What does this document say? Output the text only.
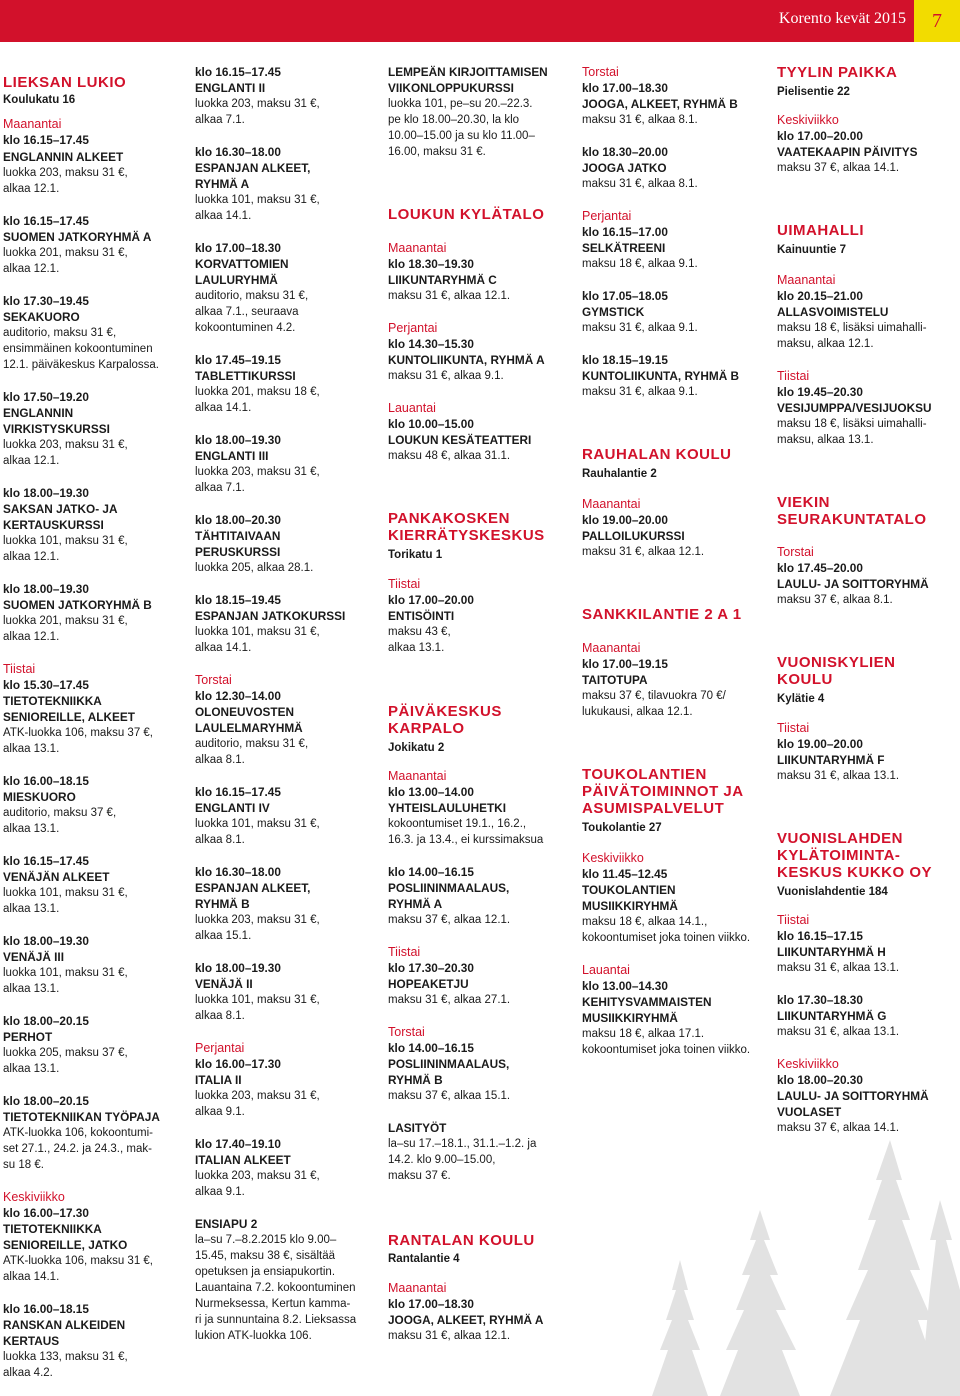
Korento kevät 2015	7
LIEKSAN LUKIO
Koulukatu 16
Maanantai
klo 16.15–17.45
ENGLANNIN ALKEET
luokka 203, maksu 31 €,
alkaa 12.1.
klo 16.15–17.45
SUOMEN JATKORYHMÄ A
luokka 201, maksu 31 €,
alkaa 12.1.
klo 17.30–19.45
SEKAKUORO
auditorio, maksu 31 €,
ensimmäinen kokoontuminen
12.1. päiväkeskus Karpalossa.
klo 17.50–19.20
ENGLANNIN
VIRKISTYSKURSSI
luokka 203, maksu 31 €,
alkaa 12.1.
klo 18.00–19.30
SAKSAN JATKO- JA
KERTAUSKURSSI
luokka 101, maksu 31 €,
alkaa 12.1.
klo 18.00–19.30
SUOMEN JATKORYHMÄ B
luokka 201, maksu 31 €,
alkaa 12.1.
Tiistai
klo 15.30–17.45
TIETOTEKNIIKKA
SENIOREILLE, ALKEET
ATK-luokka 106, maksu 37 €,
alkaa 13.1.
klo 16.00–18.15
MIESKUORO
auditorio, maksu 37 €,
alkaa 13.1.
klo 16.15–17.45
VENÄJÄN ALKEET
luokka 101, maksu 31 €,
alkaa 13.1.
klo 18.00–19.30
VENÄJÄ III
luokka 101, maksu 31 €,
alkaa 13.1.
klo 18.00–20.15
PERHOT
luokka 205, maksu 37 €,
alkaa 13.1.
klo 18.00–20.15
TIETOTEKNIIKAN TYÖPAJA
ATK-luokka 106, kokoontumi-
set 27.1., 24.2. ja 24.3., mak-
su 18 €.
Keskiviikko
klo 16.00–17.30
TIETOTEKNIIKKA
SENIOREILLE, JATKO
ATK-luokka 106, maksu 31 €,
alkaa 14.1.
klo 16.00–18.15
RANSKAN ALKEIDEN
KERTAUS
luokka 133, maksu 31 €,
alkaa 4.2.
klo 16.15–17.45
ENGLANTI II
luokka 203, maksu 31 €,
alkaa 7.1.
klo 16.30–18.00
ESPANJAN ALKEET,
RYHMÄ A
luokka 101, maksu 31 €,
alkaa 14.1.
klo 17.00–18.30
KORVATTOMIEN
LAULURYHMÄ
auditorio, maksu 31 €,
alkaa 7.1., seuraava
kokoontuminen 4.2.
klo 17.45–19.15
TABLETTIKURSSI
luokka 201, maksu 18 €,
alkaa 14.1.
klo 18.00–19.30
ENGLANTI III
luokka 203, maksu 31 €,
alkaa 7.1.
klo 18.00–20.30
TÄHTITAIVAAN
PERUSKURSSI
luokka 205, alkaa 28.1.
klo 18.15–19.45
ESPANJAN JATKOKURSSI
luokka 101, maksu 31 €,
alkaa 14.1.
Torstai
klo 12.30–14.00
OLONEUVOSTEN
LAULELMARYHMÄ
auditorio, maksu 31 €,
alkaa 8.1.
klo 16.15–17.45
ENGLANTI IV
luokka 101, maksu 31 €,
alkaa 8.1.
klo 16.30–18.00
ESPANJAN ALKEET,
RYHMÄ B
luokka 203, maksu 31 €,
alkaa 15.1.
klo 18.00–19.30
VENÄJÄ II
luokka 101, maksu 31 €,
alkaa 8.1.
Perjantai
klo 16.00–17.30
ITALIA II
luokka 203, maksu 31 €,
alkaa 9.1.
klo 17.40–19.10
ITALIAN ALKEET
luokka 203, maksu 31 €,
alkaa 9.1.
ENSIAPU 2
la–su 7.–8.2.2015 klo 9.00–
15.45, maksu 38 €, sisältää
opetuksen ja ensiapukortin.
Lauantaina 7.2. kokoontuminen
Nurmeksessa, Kertun kamma-
ri ja sunnuntaina 8.2. Lieksassa
lukion ATK-luokka 106.
LEMPEÄN KIRJOITTAMISEN
VIIKONLOPPUKURSSI
luokka 101, pe–su 20.–22.3.
pe klo 18.00–20.30, la klo
10.00–15.00 ja su klo 11.00–
16.00, maksu 31 €.
LOUKUN KYLÄTALO
Maanantai
klo 18.30–19.30
LIIKUNTARYHMÄ C
maksu 31 €, alkaa 12.1.
Perjantai
klo 14.30–15.30
KUNTOLIIKUNTA, RYHMÄ A
maksu 31 €, alkaa 9.1.
Lauantai
klo 10.00–15.00
LOUKUN KESÄTEATTERI
maksu 48 €, alkaa 31.1.
PANKAKOSKEN
KIERRÄTYSKESKUS
Torikatu 1
Tiistai
klo 17.00–20.00
ENTISÖINTI
maksu 43 €,
alkaa 13.1.
PÄIVÄKESKUS
KARPALO
Jokikatu 2
Maanantai
klo 13.00–14.00
YHTEISLAULUHETKI
kokoontumiset 19.1., 16.2.,
16.3. ja 13.4., ei kurssimaksua
klo 14.00–16.15
POSLIININMAALAUS,
RYHMÄ A
maksu 37 €, alkaa 12.1.
Tiistai
klo 17.30–20.30
HOPEAKETJU
maksu 31 €, alkaa 27.1.
Torstai
klo 14.00–16.15
POSLIININMAALAUS,
RYHMÄ B
maksu 37 €, alkaa 15.1.
LASITYÖT
la–su 17.–18.1., 31.1.–1.2. ja
14.2. klo 9.00–15.00,
maksu 37 €.
RANTALAN KOULU
Rantalantie 4
Maanantai
klo 17.00–18.30
JOOGA, ALKEET, RYHMÄ A
maksu 31 €, alkaa 12.1.
Torstai
klo 17.00–18.30
JOOGA, ALKEET, RYHMÄ B
maksu 31 €, alkaa 8.1.
klo 18.30–20.00
JOOGA JATKO
maksu 31 €, alkaa 8.1.
Perjantai
klo 16.15–17.00
SELKÄTREENI
maksu 18 €, alkaa 9.1.
klo 17.05–18.05
GYMSTICK
maksu 31 €, alkaa 9.1.
klo 18.15–19.15
KUNTOLIIKUNTA, RYHMÄ B
maksu 31 €, alkaa 9.1.
RAUHALAN KOULU
Rauhalantie 2
Maanantai
klo 19.00–20.00
PALLOILUKURSSI
maksu 31 €, alkaa 12.1.
SANKKILANTIE 2 A 1
Maanantai
klo 17.00–19.15
TAITOTUPA
maksu 37 €, tilavuokra 70 €/
lukukausi, alkaa 12.1.
TOUKOLANTIEN
PÄIVÄTOIMINNOT JA
ASUMISPALVELUT
Toukolantie 27
Keskiviikko
klo 11.45–12.45
TOUKOLANTIEN
MUSIIKKIRYHMÄ
maksu 18 €, alkaa 14.1.,
kokoontumiset joka toinen viikko.
Lauantai
klo 13.00–14.30
KEHITYSVAMMAISTEN
MUSIIKKIRYHMÄ
maksu 18 €, alkaa 17.1.
kokoontumiset joka toinen viikko.
TYYLIN PAIKKA
Pielisentie 22
Keskiviikko
klo 17.00–20.00
VAATEKAAPIN PÄIVITYS
maksu 37 €, alkaa 14.1.
UIMAHALLI
Kainuuntie 7
Maanantai
klo 20.15–21.00
ALLASVOIMISTELU
maksu 18 €, lisäksi uimahalli-
maksu, alkaa 12.1.
Tiistai
klo 19.45–20.30
VESIJUMPPA/VESIJUOKSU
maksu 18 €, lisäksi uimahalli-
maksu, alkaa 13.1.
VIEKIN
SEURAKUNTATALO
Torstai
klo 17.45–20.00
LAULU- JA SOITTORYHMÄ
maksu 37 €, alkaa 8.1.
VUONISKYLIEN
KOULU
Kylätie 4
Tiistai
klo 19.00–20.00
LIIKUNTARYHMÄ F
maksu 31 €, alkaa 13.1.
VUONISLAHDEN
KYLÄTOIMINTA-
KESKUS KUKKO OY
Vuonislahdentie 184
Tiistai
klo 16.15–17.15
LIIKUNTARYHMÄ H
maksu 31 €, alkaa 13.1.
klo 17.30–18.30
LIIKUNTARYHMÄ G
maksu 31 €, alkaa 13.1.
Keskiviikko
klo 18.00–20.30
LAULU- JA SOITTORYHMÄ
VUOLASET
maksu 37 €, alkaa 14.1.
